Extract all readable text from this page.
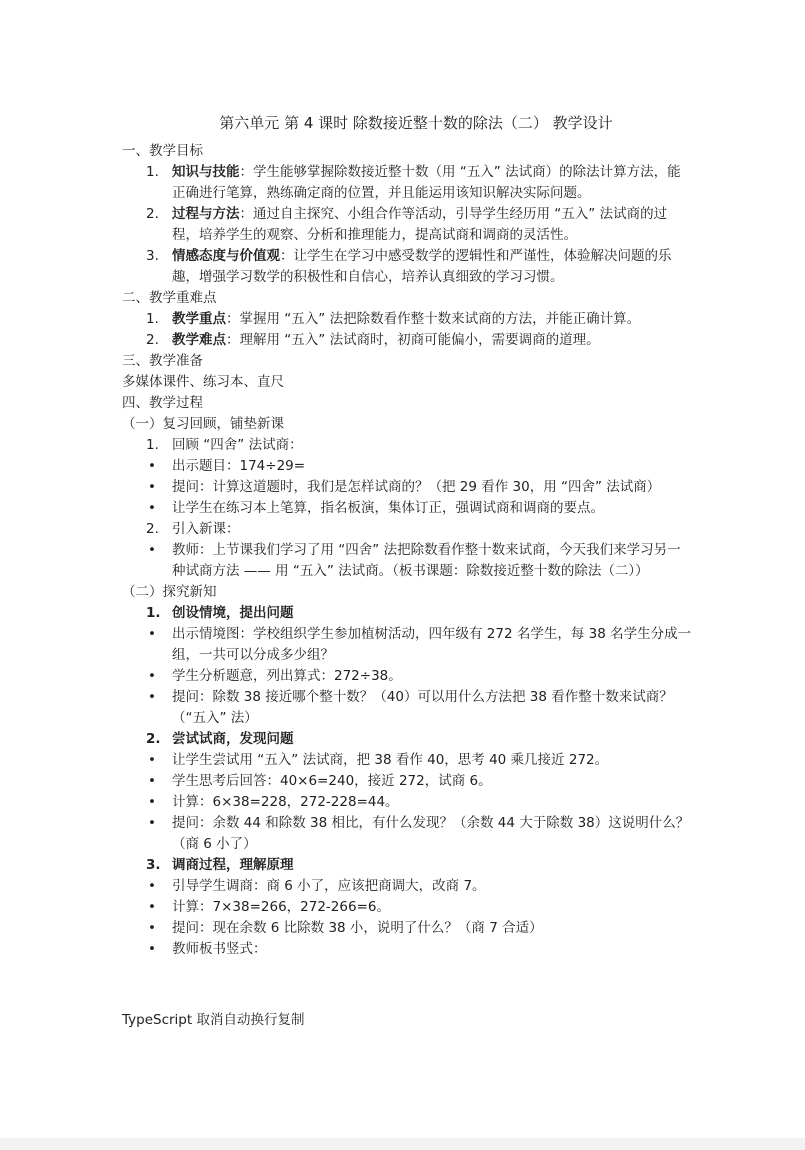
第六单元 第 4 课时 除数接近整十数的除法（二） 教学设计

一、教学目标

1. 知识与技能：学生能够掌握除数接近整十数（用 “五入” 法试商）的除法计算方法，能正确进行笔算，熟练确定商的位置，并且能运用该知识解决实际问题。

2. 过程与方法：通过自主探究、小组合作等活动，引导学生经历用 “五入” 法试商的过程，培养学生的观察、分析和推理能力，提高试商和调商的灵活性。

3. 情感态度与价值观：让学生在学习中感受数学的逻辑性和严谨性，体验解决问题的乐趣，增强学习数学的积极性和自信心，培养认真细致的学习习惯。

二、教学重难点

1. 教学重点：掌握用 “五入” 法把除数看作整十数来试商的方法，并能正确计算。

2. 教学难点：理解用 “五入” 法试商时，初商可能偏小，需要调商的道理。

三、教学准备

多媒体课件、练习本、直尺

四、教学过程

（一）复习回顾，铺垫新课

1. 回顾 “四舍” 法试商：

•	出示题目：174÷29=

•	提问：计算这道题时，我们是怎样试商的？（把 29 看作 30，用 “四舍” 法试商）

•	让学生在练习本上笔算，指名板演，集体订正，强调试商和调商的要点。

2. 引入新课：

•	教师：上节课我们学习了用 “四舍” 法把除数看作整十数来试商，今天我们来学习另一种试商方法 —— 用 “五入” 法试商。（板书课题：除数接近整十数的除法（二））

（二）探究新知

1. 创设情境，提出问题

•	出示情境图：学校组织学生参加植树活动，四年级有 272 名学生，每 38 名学生分成一组，一共可以分成多少组？

•	学生分析题意，列出算式：272÷38。

•	提问：除数 38 接近哪个整十数？（40）可以用什么方法把 38 看作整十数来试商？（“五入” 法）

2. 尝试试商，发现问题

•	让学生尝试用 “五入” 法试商，把 38 看作 40，思考 40 乘几接近 272。

•	学生思考后回答：40×6=240，接近 272，试商 6。

•	计算：6×38=228，272-228=44。

•	提问：余数 44 和除数 38 相比，有什么发现？（余数 44 大于除数 38）这说明什么？（商 6 小了）

3. 调商过程，理解原理

•	引导学生调商：商 6 小了，应该把商调大，改商 7。

•	计算：7×38=266，272-266=6。

•	提问：现在余数 6 比除数 38 小，说明了什么？（商 7 合适）

•	教师板书竖式：

TypeScript 取消自动换行复制
